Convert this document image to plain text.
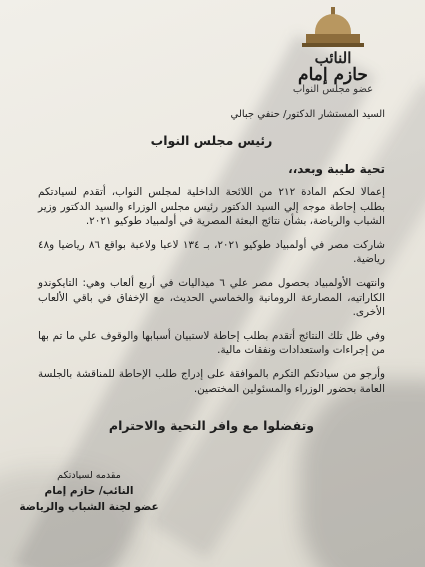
النائب
حازم إمام
عضو مجلس النواب
السيد المستشار الدكتور/ حنفي جبالي
رئيس مجلس النواب
تحية طيبة وبعد،،
إعمالا لحكم المادة ٢١٢ من اللائحة الداخلية لمجلس النواب، أتقدم لسيادتكم بطلب إحاطة موجه إلي السيد الدكتور رئيس مجلس الوزراء والسيد الدكتور وزير الشباب والرياضة، بشأن نتائج البعثة المصرية في أولمبياد طوكيو ٢٠٢١.
شاركت مصر في أولمبياد طوكيو ٢٠٢١، بـ ١٣٤ لاعبا ولاعبة بواقع ٨٦ رياضيا و٤٨ رياضية.
وانتهت الأولمبياد بحصول مصر علي ٦ ميداليات في أربع ألعاب وهي: التايكوندو الكاراتيه، المصارعة الرومانية والخماسي الحديث، مع الإخفاق في باقي الألعاب الأخرى.
وفي ظل تلك النتائج أتقدم بطلب إحاطة لاستبيان أسبابها والوقوف علي ما تم بها من إجراءات واستعدادات ونفقات مالية.
وأرجو من سيادتكم التكرم بالموافقة على إدراج طلب الإحاطة للمناقشة بالجلسة العامة بحضور الوزراء والمسئولين المختصين.
وتفضلوا مع وافر التحية والاحترام
مقدمه لسيادتكم
النائب/ حازم إمام
عضو لجنة الشباب والرياضة
